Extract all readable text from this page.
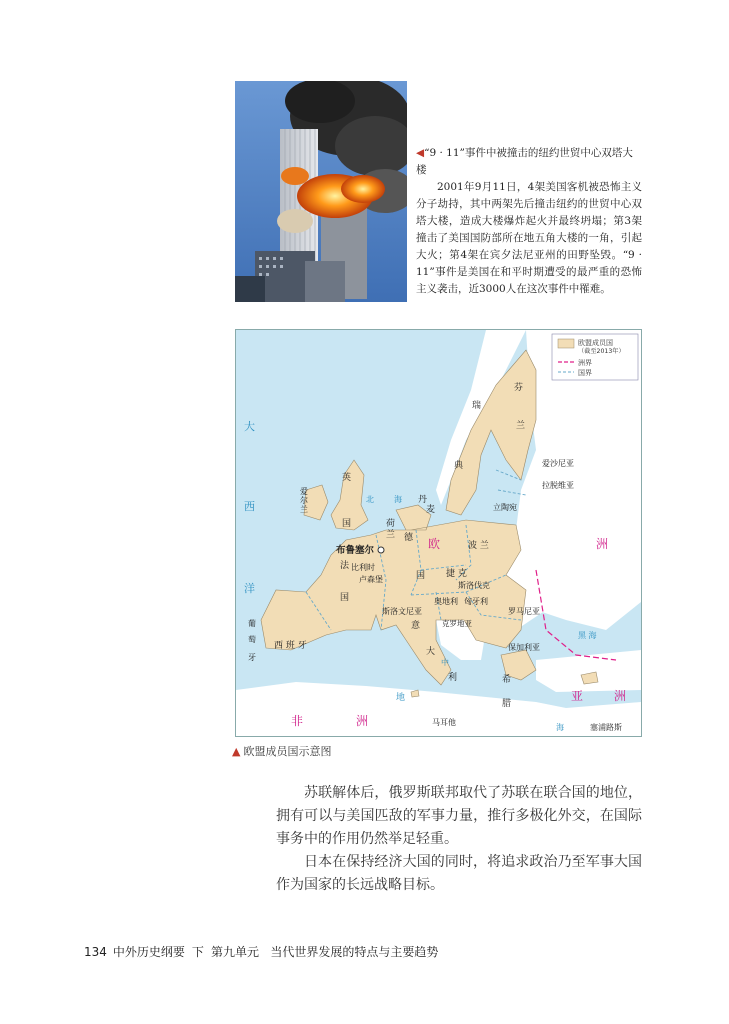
◀“9 · 11”事件中被撞击的纽约世贸中心双塔大楼
2001年9月11日，4架美国客机被恐怖主义分子劫持，其中两架先后撞击纽约的世贸中心双塔大楼，造成大楼爆炸起火并最终坍塌；第3架撞击了美国国防部所在地五角大楼的一角，引起大火；第4架在宾夕法尼亚州的田野坠毁。“9 · 11”事件是美国在和平时期遭受的最严重的恐怖主义袭击，近3000人在这次事件中罹难。
欧盟成员国
（截至2013年）
洲界
国界
大
西
洋
北	海
黑 海
地
中
海
欧	洲
亚	洲
非	洲
芬
兰
瑞
典
英
国
爱
尔
兰
丹
麦
荷
兰
布鲁塞尔
比利时
卢森堡
德
国
法
国
西 班 牙
葡
萄
牙
波 兰
捷 克
斯洛伐克
奥地利 匈牙利
斯洛文尼亚
克罗地亚
意
大
利
罗马尼亚
保加利亚
希
腊
爱沙尼亚
拉脱维亚
立陶宛
马耳他
塞浦路斯
▲ 欧盟成员国示意图

苏联解体后，俄罗斯联邦取代了苏联在联合国的地位，拥有可以与美国匹敌的军事力量，推行多极化外交，在国际事务中的作用仍然举足轻重。

日本在保持经济大国的同时，将追求政治乃至军事大国作为国家的长远战略目标。

134 中外历史纲要 下 第九单元 当代世界发展的特点与主要趋势
